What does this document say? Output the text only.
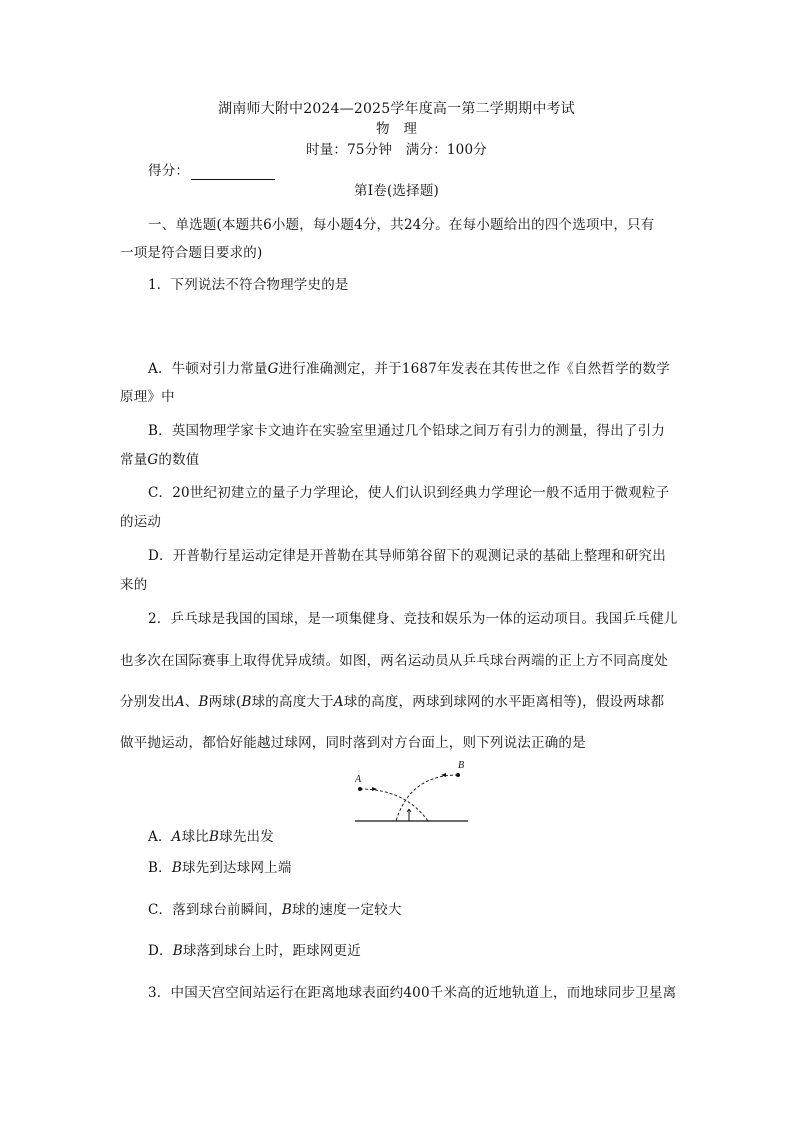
湖南师大附中2024—2025学年度高一第二学期期中考试
物　理
时量：75分钟　满分：100分
得分：
第Ⅰ卷(选择题)
一、单选题(本题共6小题，每小题4分，共24分。在每小题给出的四个选项中，只有
一项是符合题目要求的)
1．下列说法不符合物理学史的是
A．牛顿对引力常量G进行准确测定，并于1687年发表在其传世之作《自然哲学的数学
原理》中
B．英国物理学家卡文迪许在实验室里通过几个铅球之间万有引力的测量，得出了引力
常量G的数值
C．20世纪初建立的量子力学理论，使人们认识到经典力学理论一般不适用于微观粒子
的运动
D．开普勒行星运动定律是开普勒在其导师第谷留下的观测记录的基础上整理和研究出
来的
2．乒乓球是我国的国球，是一项集健身、竞技和娱乐为一体的运动项目。我国乒乓健儿
也多次在国际赛事上取得优异成绩。如图，两名运动员从乒乓球台两端的正上方不同高度处
分别发出A、B两球(B球的高度大于A球的高度，两球到球网的水平距离相等)，假设两球都
做平抛运动，都恰好能越过球网，同时落到对方台面上，则下列说法正确的是
A
B
A．A球比B球先出发
B．B球先到达球网上端
C．落到球台前瞬间，B球的速度一定较大
D．B球落到球台上时，距球网更近
3．中国天宫空间站运行在距离地球表面约400千米高的近地轨道上，而地球同步卫星离
